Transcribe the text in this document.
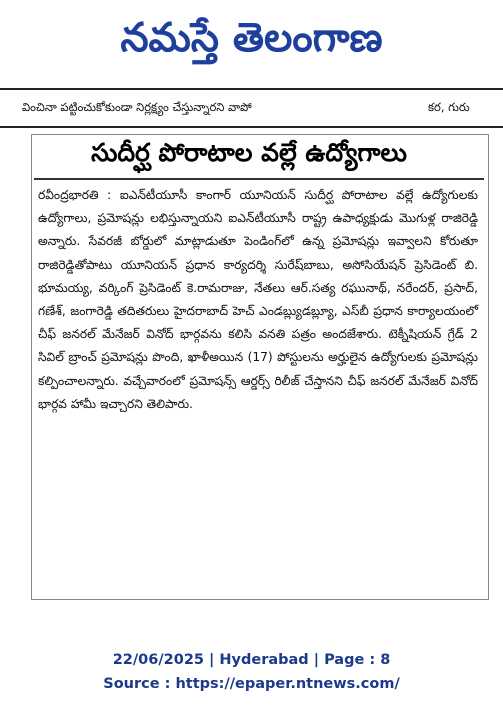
నమస్తే తెలంగాణ
వించినా పట్టించుకోకుండా నిర్లక్ష్యం చేస్తున్నారని వాపో	కర, గురు
సుదీర్ఘ పోరాటాల వల్లే ఉద్యోగాలు
రవీంద్రభారతి : ఐఎన్‌టీయూసీ కాంగార్ యూనియన్ సుదీర్ఘ పోరాటాల వల్లే ఉద్యోగులకు ఉద్యోగాలు, ప్రమోషన్లు లభిస్తున్నాయని ఐఎన్‌టీయూసీ రాష్ట్ర ఉపాధ్యక్షుడు మొగుళ్ల రాజిరెడ్డి అన్నారు. సేవరజీ బోర్డులో మాట్లాడుతూ పెండింగ్‌లో ఉన్న ప్రమోషన్లు ఇవ్వాలని కోరుతూ రాజిరెడ్డితోపాటు యూనియన్ ప్రధాన కార్యదర్శి సురేష్‌బాబు, అసోసియేషన్ ప్రెసిడెంట్ బి. భూమయ్య, వర్కింగ్ ప్రెసిడెంట్ కె.రామరాజు, నేతలు ఆర్.సత్య రఘునాథ్, నరేందర్, ప్రసాద్, గణేశ్, జంగారెడ్డి తదితరులు హైదరాబాద్ హెచ్ ఎండబ్ల్యుడబ్ల్యూ, ఎస్‌బీ ప్రధాన కార్యాలయంలో చీఫ్ జనరల్ మేనేజర్ వినోద్ భార్గవను కలిసి వనతి పత్రం అందజేశారు. టెక్నీషియన్ గ్రేడ్ 2 సివిల్ బ్రాంచ్ ప్రమోషన్లు పొంది, ఖాళీఅయిన (17) పోస్టులను అర్హులైన ఉద్యోగులకు ప్రమోషన్లు కల్పించాలన్నారు. వచ్చేవారంలో ప్రమోషన్స్ ఆర్డర్స్ రిలీజ్ చేస్తానని చీఫ్ జనరల్ మేనేజర్ వినోద్ భార్గవ హామీ ఇచ్చారని తెలిపారు.
22/06/2025 | Hyderabad | Page : 8
Source : https://epaper.ntnews.com/
